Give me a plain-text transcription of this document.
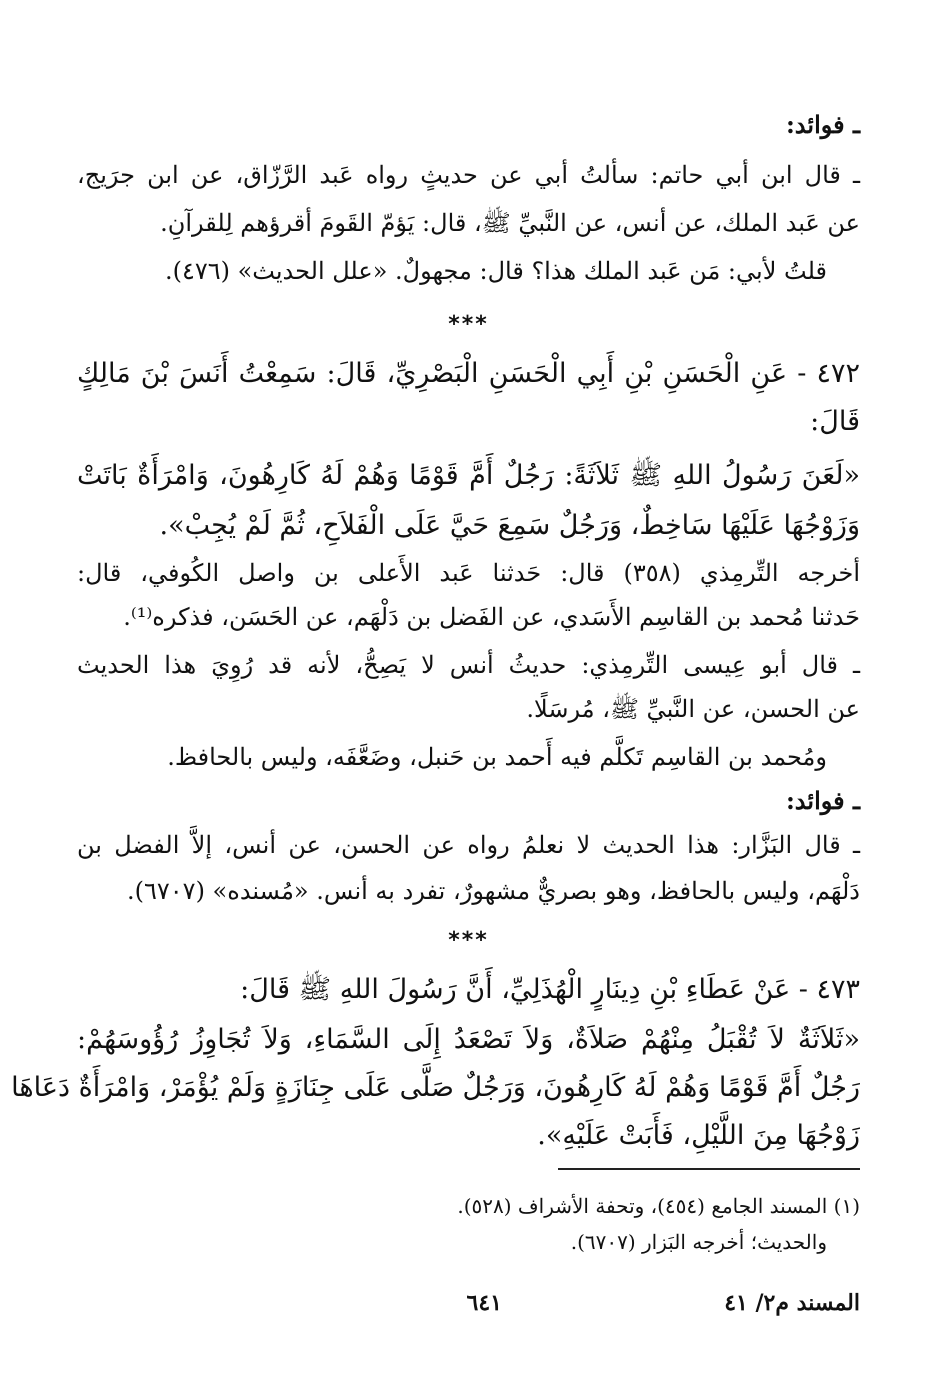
ـ فوائد:
ـ قال ابن أبي حاتم: سألتُ أبي عن حديثٍ رواه عَبد الرَّزّاق، عن ابن جرَيج،
عن عَبد الملك، عن أنس، عن النَّبيِّ ﷺ، قال: يَؤمّ القَومَ أقرؤهم لِلقرآنِ.
قلتُ لأبي: مَن عَبد الملك هذا؟ قال: مجهولٌ. «علل الحديث» (٤٧٦).
***
٤٧٢ - عَنِ الْحَسَنِ بْنِ أَبِي الْحَسَنِ الْبَصْرِيِّ، قَالَ: سَمِعْتُ أَنَسَ بْنَ مَالِكٍ
قَالَ:
«لَعَنَ رَسُولُ اللهِ ﷺ ثَلاَثَةً: رَجُلٌ أَمَّ قَوْمًا وَهُمْ لَهُ كَارِهُونَ، وَامْرَأَةٌ بَاتَتْ
وَزَوْجُهَا عَلَيْهَا سَاخِطٌ، وَرَجُلٌ سَمِعَ حَيَّ عَلَى الْفَلاَحِ، ثُمَّ لَمْ يُجِبْ».
أخرجه التِّرمِذي (٣٥٨) قال: حَدثنا عَبد الأَعلى بن واصل الكُوفي، قال:
حَدثنا مُحمد بن القاسِم الأَسَدي، عن الفَضل بن دَلْهَم، عن الحَسَن، فذكره⁽¹⁾.
ـ قال أبو عِيسى التِّرمِذي: حديثُ أنس لا يَصِحُّ، لأنه قد رُوِيَ هذا الحديث
عن الحسن، عن النَّبيِّ ﷺ، مُرسَلًا.
ومُحمد بن القاسِم تَكلَّم فيه أَحمد بن حَنبل، وضَعَّفَه، وليس بالحافظ.
ـ فوائد:
ـ قال البَزَّار: هذا الحديث لا نعلمُ رواه عن الحسن، عن أنس، إلاَّ الفضل بن
دَلْهَم، وليس بالحافظ، وهو بصريٌّ مشهورٌ، تفرد به أنس. «مُسنده» (٦٧٠٧).
***
٤٧٣ - عَنْ عَطَاءِ بْنِ دِينَارٍ الْهُذَلِيِّ، أَنَّ رَسُولَ اللهِ ﷺ قَالَ:
«ثَلاَثَةٌ لاَ تُقْبَلُ مِنْهُمْ صَلاَةٌ، وَلاَ تَصْعَدُ إِلَى السَّمَاءِ، وَلاَ تُجَاوِزُ رُؤُوسَهُمْ:
رَجُلٌ أَمَّ قَوْمًا وَهُمْ لَهُ كَارِهُونَ، وَرَجُلٌ صَلَّى عَلَى جِنَازَةٍ وَلَمْ يُؤْمَرْ، وَامْرَأَةٌ دَعَاهَا
زَوْجُهَا مِنَ اللَّيْلِ، فَأَبَتْ عَلَيْهِ».
(١) المسند الجامع (٤٥٤)، وتحفة الأشراف (٥٢٨).
والحديث؛ أخرجه البَزار (٦٧٠٧).
المسند م٢/ ٤١
٦٤١
